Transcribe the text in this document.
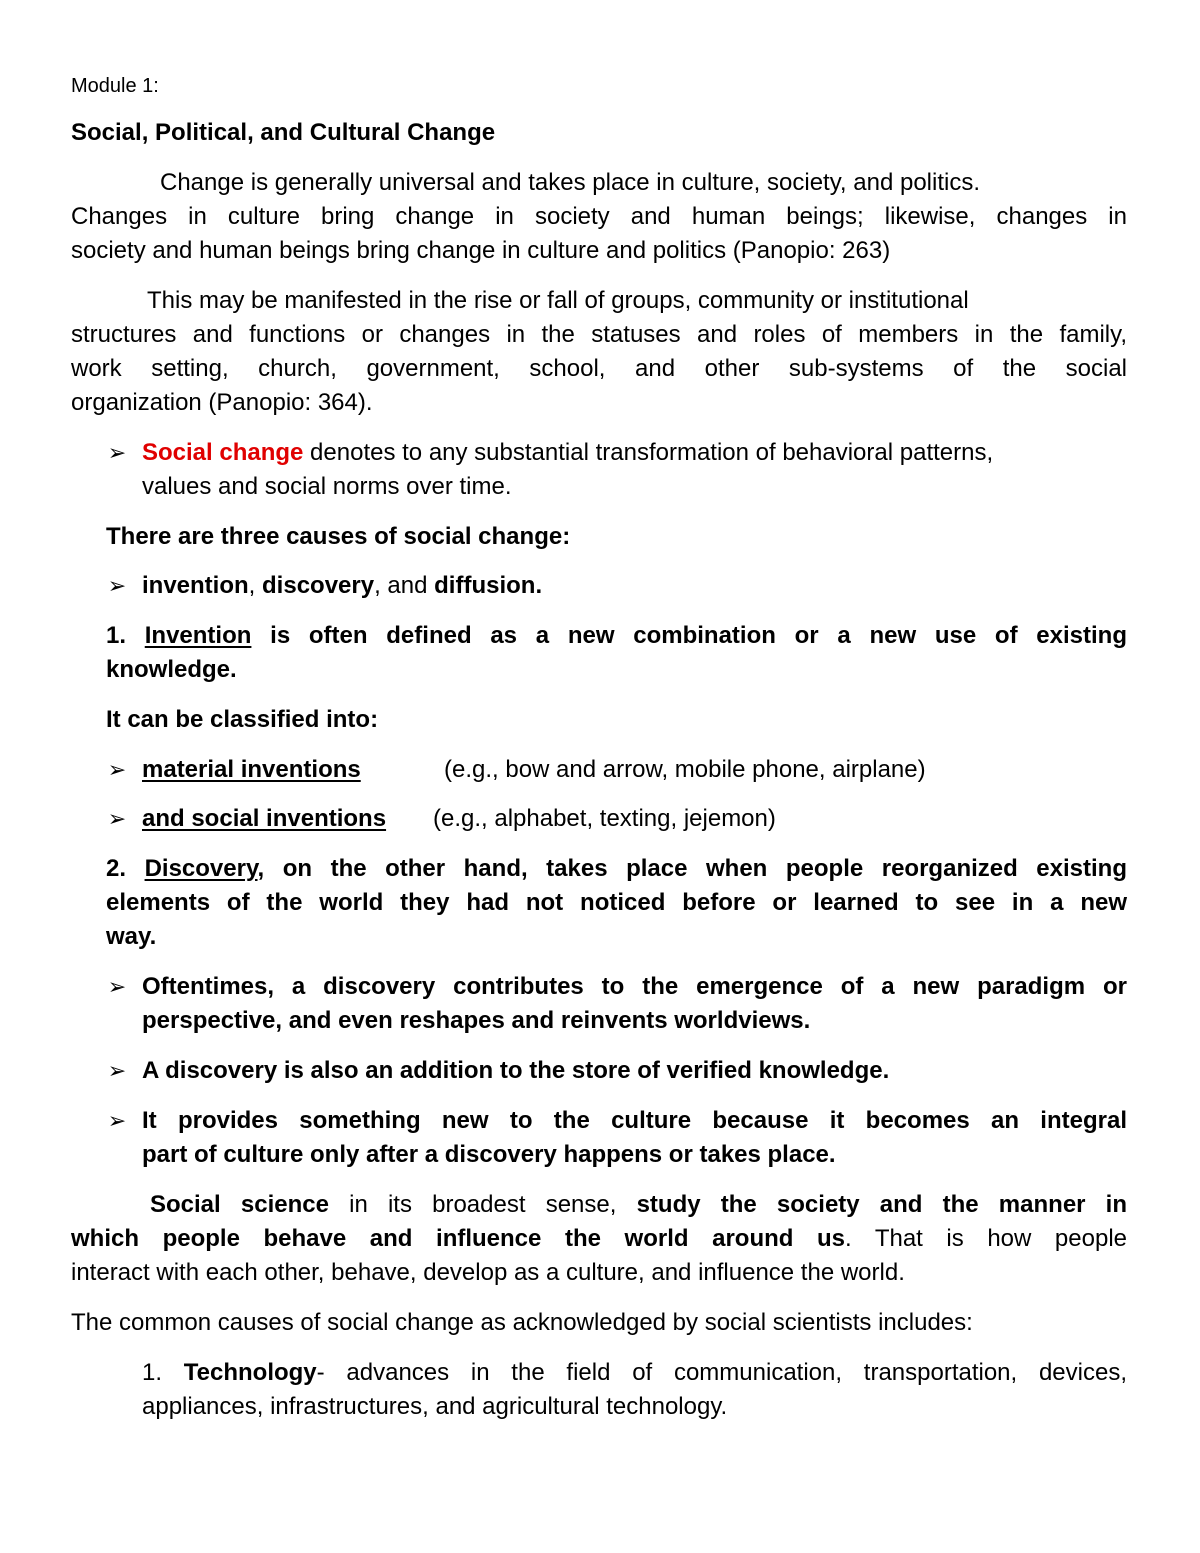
Module 1:
Social, Political, and Cultural Change
Change is generally universal and takes place in culture, society, and politics.
Changes in culture bring change in society and human beings; likewise, changes in
society and human beings bring change in culture and politics (Panopio: 263)
This may be manifested in the rise or fall of groups, community or institutional
structures and functions or changes in the statuses and roles of members in the family,
work setting, church, government, school, and other sub-systems of the social
organization (Panopio: 364).
➢ Social change denotes to any substantial transformation of behavioral patterns,
values and social norms over time.
There are three causes of social change:
➢ invention, discovery, and diffusion.
1. Invention is often defined as a new combination or a new use of existing
knowledge.
It can be classified into:
➢ material inventions	(e.g., bow and arrow, mobile phone, airplane)
➢ and social inventions (e.g., alphabet, texting, jejemon)
2. Discovery, on the other hand, takes place when people reorganized existing
elements of the world they had not noticed before or learned to see in a new
way.
➢ Oftentimes, a discovery contributes to the emergence of a new paradigm or
perspective, and even reshapes and reinvents worldviews.
➢ A discovery is also an addition to the store of verified knowledge.
➢ It provides something new to the culture because it becomes an integral
part of culture only after a discovery happens or takes place.
Social science in its broadest sense, study the society and the manner in
which people behave and influence the world around us. That is how people
interact with each other, behave, develop as a culture, and influence the world.
The common causes of social change as acknowledged by social scientists includes:
1. Technology- advances in the field of communication, transportation, devices,
appliances, infrastructures, and agricultural technology.
